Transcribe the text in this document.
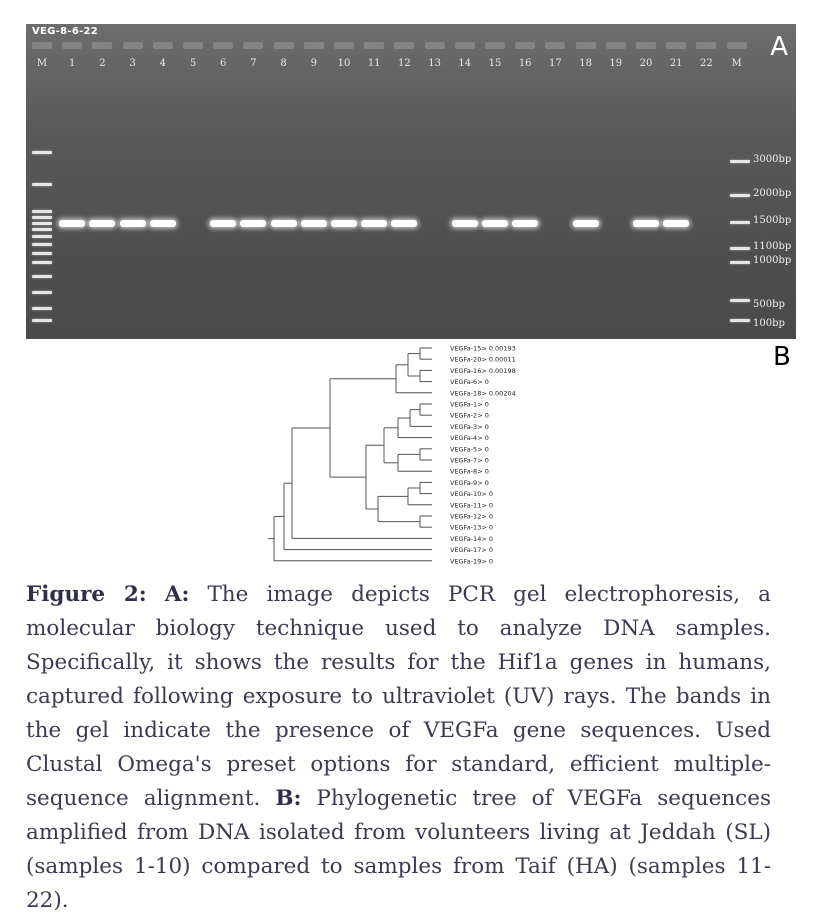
VEG-8-6-22
A
M	1	2	3	4	5	6	7	8	9	10	11	12	13	14	15	16	17	18	19	20	21	22	M
3000bp
2000bp
1500bp
1100bp
1000bp
500bp
100bp
VEGFa-15> 0.00193
VEGFa-20> 0.00011
VEGFa-16> 0.00198
VEGFa-6> 0
VEGFa-18> 0.00204
VEGFa-1> 0
VEGFa-2> 0
VEGFa-3> 0
VEGFa-4> 0
VEGFa-5> 0
VEGFa-7> 0
VEGFa-8> 0
VEGFa-9> 0
VEGFa-10> 0
VEGFa-11> 0
VEGFa-12> 0
VEGFa-13> 0
VEGFa-14> 0
VEGFa-17> 0
VEGFa-19> 0
B
Figure 2: A: The image depicts PCR gel electrophoresis, a molecular biology technique used to analyze DNA samples. Specifically, it shows the results for the Hif1a genes in humans, captured following exposure to ultraviolet (UV) rays. The bands in the gel indicate the presence of VEGFa gene sequences. Used Clustal Omega's preset options for standard, efficient multiple-sequence alignment. B: Phylogenetic tree of VEGFa sequences amplified from DNA isolated from volunteers living at Jeddah (SL) (samples 1-10) compared to samples from Taif (HA) (samples 11-22).
